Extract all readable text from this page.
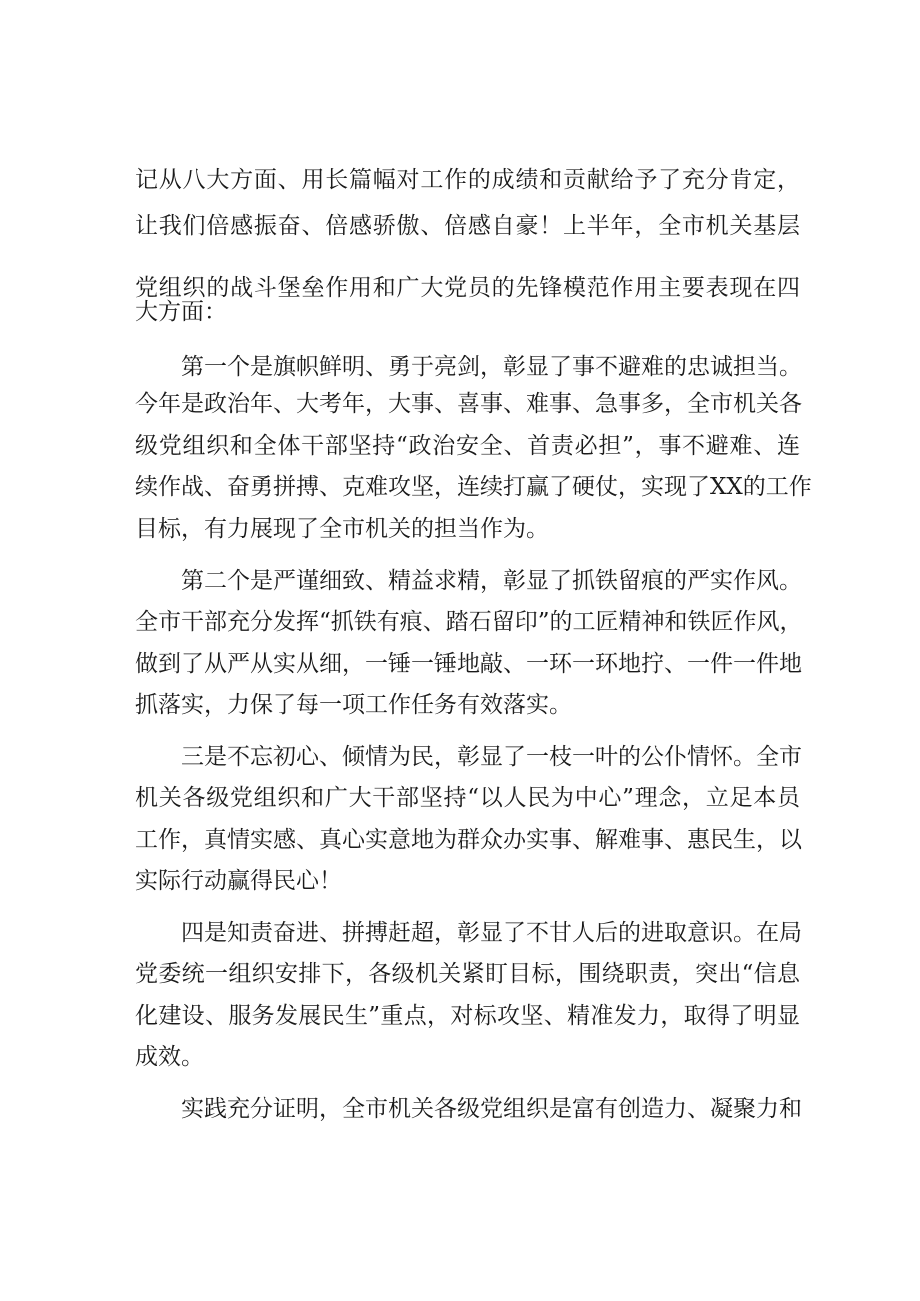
记从八大方面、用长篇幅对工作的成绩和贡献给予了充分肯定，
让我们倍感振奋、倍感骄傲、倍感自豪！上半年，全市机关基层
党组织的战斗堡垒作用和广大党员的先锋模范作用主要表现在四
大方面：
第一个是旗帜鲜明、勇于亮剑，彰显了事不避难的忠诚担当。
今年是政治年、大考年，大事、喜事、难事、急事多，全市机关各
级党组织和全体干部坚持“政治安全、首责必担”，事不避难、连
续作战、奋勇拼搏、克难攻坚，连续打赢了硬仗，实现了XX的工作
目标，有力展现了全市机关的担当作为。
第二个是严谨细致、精益求精，彰显了抓铁留痕的严实作风。
全市干部充分发挥“抓铁有痕、踏石留印”的工匠精神和铁匠作风，
做到了从严从实从细，一锤一锤地敲、一环一环地拧、一件一件地
抓落实，力保了每一项工作任务有效落实。
三是不忘初心、倾情为民，彰显了一枝一叶的公仆情怀。全市
机关各级党组织和广大干部坚持“以人民为中心”理念，立足本员
工作，真情实感、真心实意地为群众办实事、解难事、惠民生，以
实际行动赢得民心！
四是知责奋进、拼搏赶超，彰显了不甘人后的进取意识。在局
党委统一组织安排下，各级机关紧盯目标，围绕职责，突出“信息
化建设、服务发展民生”重点，对标攻坚、精准发力，取得了明显
成效。
实践充分证明，全市机关各级党组织是富有创造力、凝聚力和
